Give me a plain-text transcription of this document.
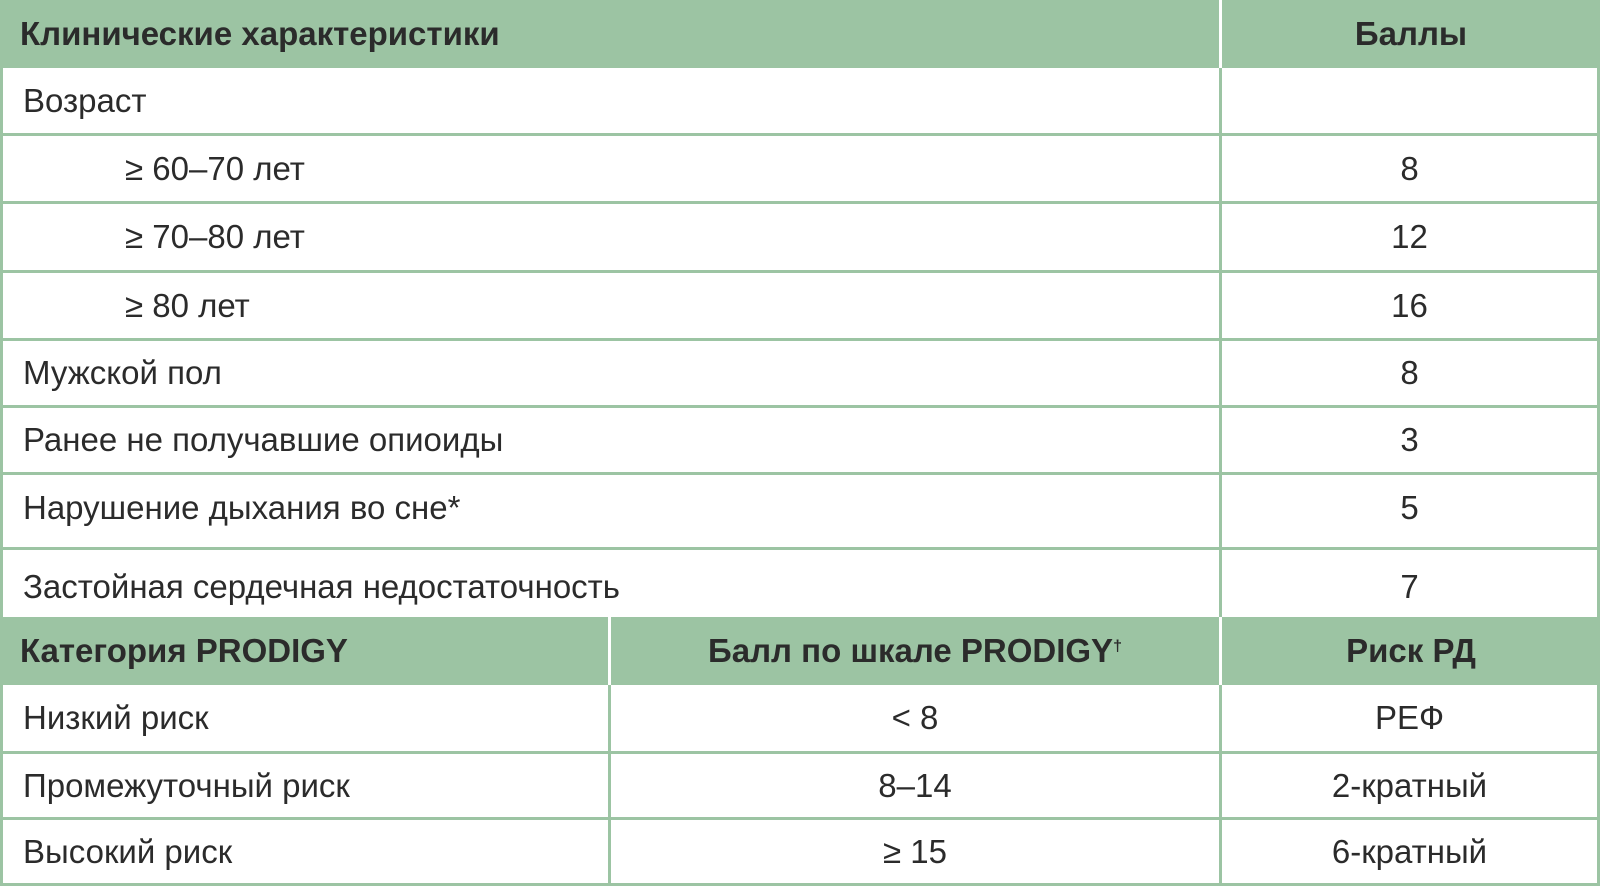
Клинические характеристики	Баллы
Возраст
≥ 60–70 лет	8
≥ 70–80 лет	12
≥ 80 лет	16
Мужской пол	8
Ранее не получавшие опиоиды	3
Нарушение дыхания во сне*	5
Застойная сердечная недостаточность	7
Категория PRODIGY	Балл по шкале PRODIGY†	Риск РД
Низкий риск	< 8	РЕФ
Промежуточный риск	8–14	2-кратный
Высокий риск	≥ 15	6-кратный
